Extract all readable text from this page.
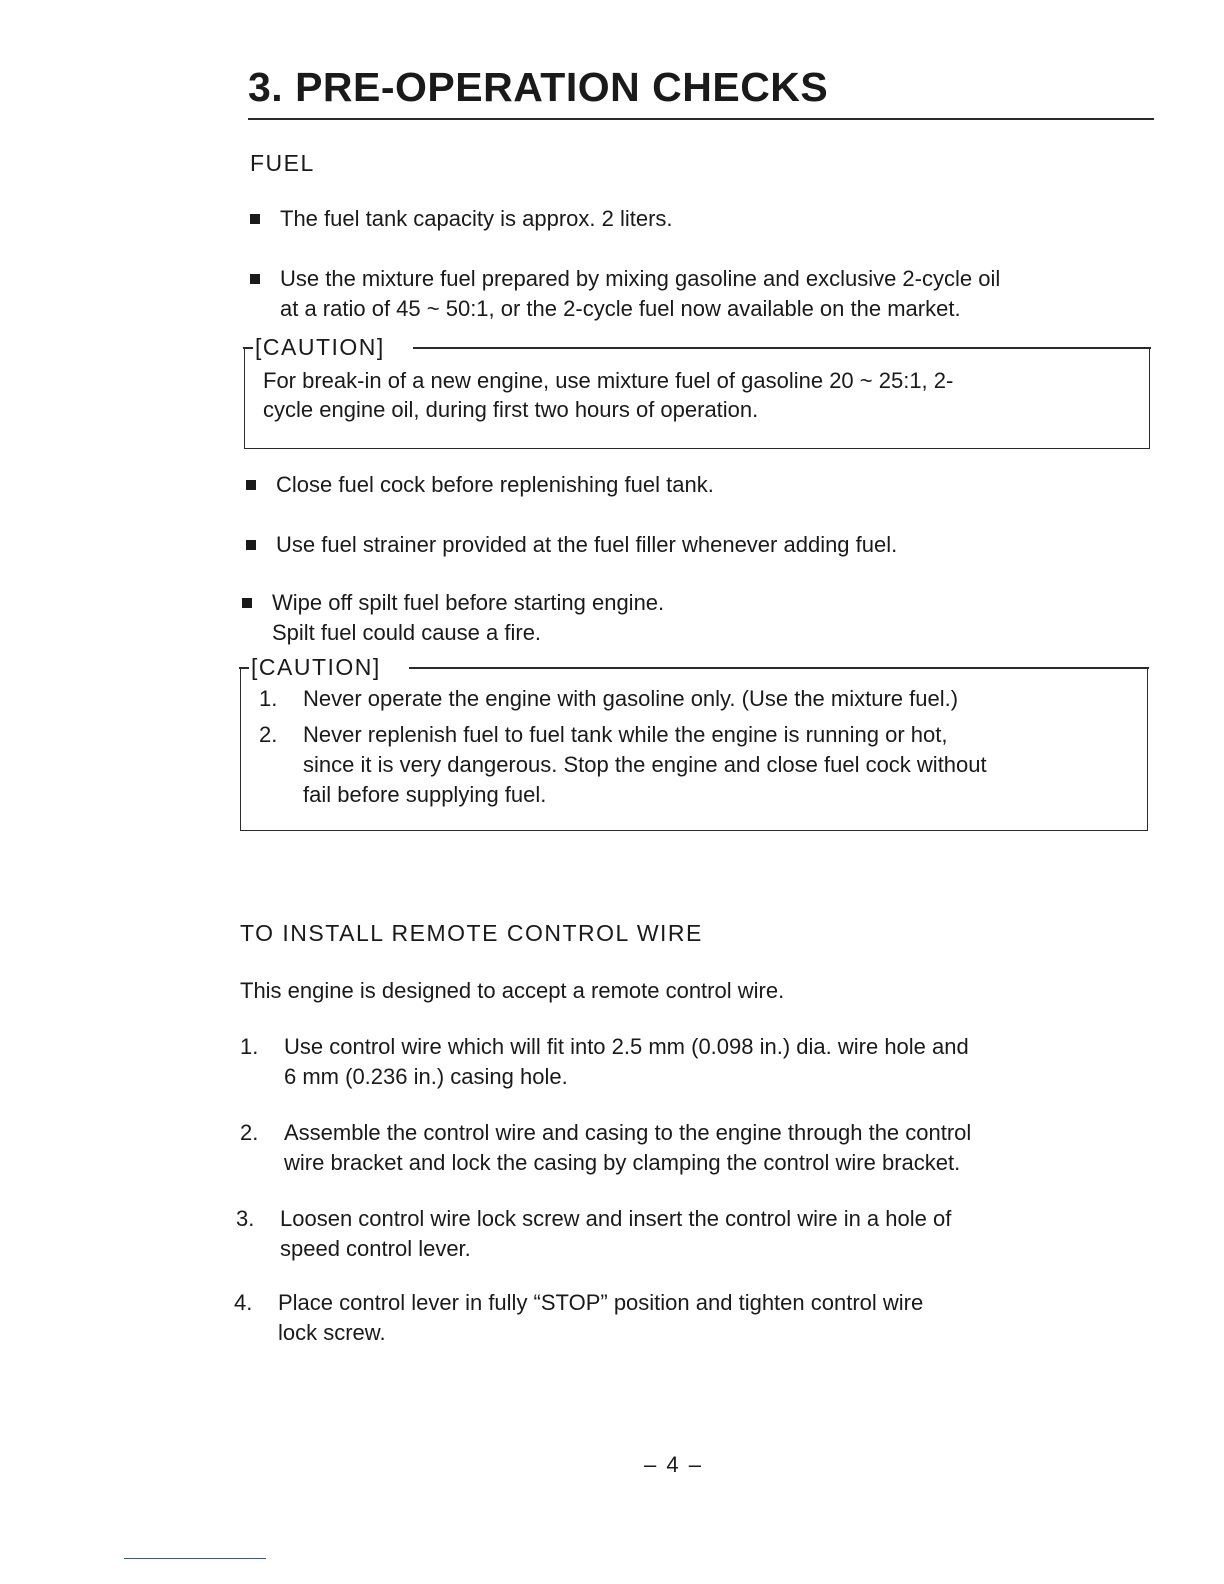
3. PRE-OPERATION CHECKS
FUEL
The fuel tank capacity is approx. 2 liters.
Use the mixture fuel prepared by mixing gasoline and exclusive 2-cycle oil
at a ratio of 45 ~ 50:1, or the 2-cycle fuel now available on the market.
[CAUTION]
For break-in of a new engine, use mixture fuel of gasoline 20 ~ 25:1, 2-
cycle engine oil, during first two hours of operation.
Close fuel cock before replenishing fuel tank.
Use fuel strainer provided at the fuel filler whenever adding fuel.
Wipe off spilt fuel before starting engine.
Spilt fuel could cause a fire.
[CAUTION]
1. Never operate the engine with gasoline only. (Use the mixture fuel.)
2. Never replenish fuel to fuel tank while the engine is running or hot,
since it is very dangerous. Stop the engine and close fuel cock without
fail before supplying fuel.
TO INSTALL REMOTE CONTROL WIRE
This engine is designed to accept a remote control wire.
1. Use control wire which will fit into 2.5 mm (0.098 in.) dia. wire hole and
6 mm (0.236 in.) casing hole.
2. Assemble the control wire and casing to the engine through the control
wire bracket and lock the casing by clamping the control wire bracket.
3. Loosen control wire lock screw and insert the control wire in a hole of
speed control lever.
4. Place control lever in fully “STOP” position and tighten control wire
lock screw.
– 4 –
